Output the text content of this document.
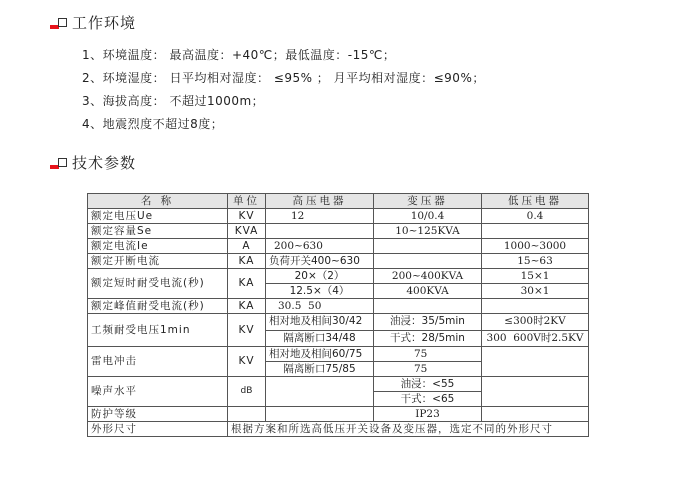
工作环境
1、环境温度： 最高温度：+40℃；最低温度：-15℃；
2、环境湿度： 日平均相对湿度： ≤95% ； 月平均相对湿度：≤90%；
3、海拔高度： 不超过1000m；
4、地震烈度不超过8度；
技术参数
名 称	单位	高压电器	变压器	低压电器
额定电压Ue	KV	12	10/0.4	0.4
额定容量Se	KVA		10~125KVA	
额定电流Ie	A	200~630		1000~3000
额定开断电流	KA	负荷开关400~630		15~63
额定短时耐受电流(秒)	KA	20×（2）	200~400KVA	15×1
		12.5×（4）	400KVA	30×1
额定峰值耐受电流(秒)	KA	30.5  50		
工频耐受电压1min	KV	相对地及相间30/42	油浸：35/5min	≤300时2KV
		隔离断口34/48	干式：28/5min	300  600V时2.5KV
雷电冲击	KV	相对地及相间60/75	75	
		隔离断口75/85	75	
噪声水平	dB		油浸：<55	
			干式：<65	
防护等级			IP23	
外形尺寸	根据方案和所选高低压开关设备及变压器，选定不同的外形尺寸			
